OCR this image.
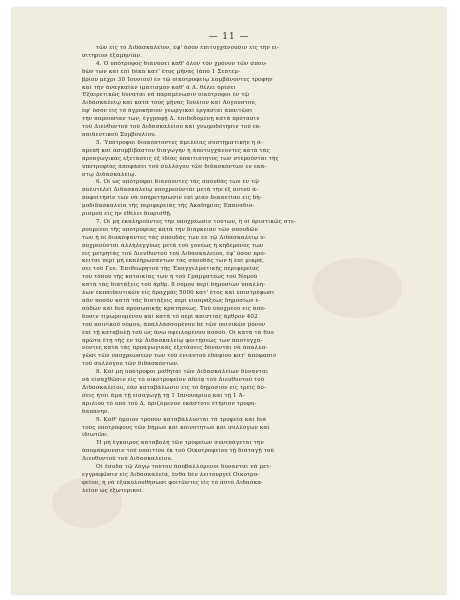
— 11 —
τῶν εἰς τὸ Διδασκαλεῖον, ἐφ' ὅσον ἐπιτυγχάνουσιν εἰς τὴν εἰ-
σιτήριον ἐξαμηνίαν.
4. Ὁ ὑπότροφος διανύσει καθ' ὅλον τὸν χρόνον τῶν σπου-
δῶν των καὶ ἐπὶ δέκα κατ' ἔτος μῆνας (ἀπὸ 1 Σεπτεμ-
βρίου μέχρι 30 Ἰουνίου) ἐν τῷ οἰκοτροφείῳ λαμβάνοντες τροφὴν
καὶ τὴν ἀναγκαίαν ἱματισμὸν καθ' ἃ Δ. θέλει ὁρίσει
Ἐξαιρετικῶς δύναται νὰ παραμένωσιν οἰκότροφοι ἐν τῷ
Διδασκαλείῳ καὶ κατὰ τοὺς μῆνας Ἰούλιον καὶ Αὔγουστον,
ἐφ' ὅσον εἰς τὸ ἀγροκήπιον γεωργικαὶ ἐργασίαι ἀπαιτῶσι
τὴν παρουσίαν των, ἔγγραφῇ Δ. ἐπιδεδομένῃ κατὰ πρότασιν
τοῦ Διευθυντοῦ τοῦ Διδασκαλείου καὶ γνωμοδότησιν τοῦ ἐκ-
παιδευτικοῦ Συμβουλίου.
5. Ὑπότροφοι διακόπτοντες ἀμελείας συστηματικὴν ἢ ἀ-
πρεπῆ καὶ ἀσυμβίβαστον διαγωγὴν ἢ ἀποτυγχάνοντες κατὰ τὰς
προαγωγικὰς ἐξετάσεις ἐξ ἰδίας ὑπαιτιότητος των στεροῦνται τῆς
ὑποτροφίας ἀποφάσει τοῦ συλλόγου τῶν διδασκόντων ἐν ἑκά-
στῳ Διδασκαλείῳ.
6. Οἱ ὡς ὑπότροφοι διανύοντες τὰς σπουδὰς των ἐν τῷ
πολυτελεῖ Διδασκαλείῳ ὑποχρεοῦνται μετὰ τὴν ἐξ αὐτοῦ ἀ-
ποφοίτησίν των νὰ ὑπηρετήσωσιν ἐπὶ μίαν δεκαετίαν εἰς δη-
μοδιδασκαλεῖα τῆς περιφερείας τῆς Ἀκαδημίας Ἐπαναδιο-
ρισμοῦ εἰς ἣν ἐθέλει διορισθῇ.
7. Οἱ μὴ ἐκπληροῦντες τὴν ὑποχρέωσιν τούτων, ἢ οἱ ὁριστικῶς στε-
ρούμενοι τῆς ὑποτροφίας κατὰ τὴν διάρκειαν τῶν σπουδῶν
των ἢ οἱ διακόψαντες τὰς σπουδὰς των ἐν τῷ Διδασκαλείῳ ὑ-
ποχρεοῦνται ἀλληλεγγύως μετὰ τοῦ γονέως ἢ κηδεμόνος των
εἰς μετρητὰς τοῦ Διευθυντοῦ τοῦ Διδασκαλείου, ἐφ' ὅσον πρό-
κειται περὶ μὴ ἐκπληρωσάντων τὰς σπουδάς των ἢ ἐπὶ μικρά,
σει τοῦ Γεν. Ἐπιθεωρητοῦ τῆς Ἐπαγγελματικῆς περιφερείας
τοῦ τόπου τῆς κατοικίας των ἢ τοῦ Γραμματέως τοῦ Νομοῦ
κατὰ τὰς διατάξεις τοῦ ἄρθρ. 8 νόμου περὶ δημοσίων ὑπαλλή-
λων ἐκπαιδευτικῶν εἰς δραχμὰς 5000 κατ' ἔτος καὶ ἐπιστρέφωσι
πᾶν ποσὸν κατὰ τὰς διατάξεις περὶ εἰσπράξεως δημοσίων ἐ-
σόδων καὶ διὰ προσωπικῆς κρατήσεως. Τοῦ ὑποχρέου εἰς ἀπό-
δοσιν τιμωρουμένου καὶ κατὰ τὸ περὶ ἀπιστίας ἄρθρον 402
τοῦ ποινικοῦ νόμου, ἀπαλλασσομένου δὲ τῶν ποινικῶν μόνον
ἐπὶ τῇ καταβολῇ τοῦ ὡς ἄνω ὀφειλομένου ποσοῦ. Οἱ κατὰ τὰ δύο
πρῶτα ἔτη τῆς ἐν τῷ Διδασκαλείῳ φοιτήσεώς των ἀποτυγχά-
νοντες κατὰ τὰς προαγωγικὰς ἐξετάσεις δύνανται νὰ ἀπαλλα-
γῶσι τῶν ὑποχρεώσεών των τοῦ ἐνιαυτοῦ ἐδαφίου κατ' ἀπόφασιν
τοῦ συλλόγου τῶν διδασκόντων.
8. Καὶ μὴ ὑπότροφοι μαθηταὶ τῶν Διδασκαλείων δύνανται
νὰ εἰσαχθῶσιν εἰς τὸ οἰκοτροφεῖον ἀδείᾳ τοῦ Διευθυντοῦ τοῦ
Διδασκαλείου, ἐὰν καταβάλωσιν εἰς τὸ δημόσιον εἰς τρεῖς δό-
σεις ἤτοι ἅμα τῇ εἰσαγωγῇ τῇ 1 Ἰανουαρίου καὶ τῇ 1 Ἀ-
πριλίου τὸ ὑπὸ τοῦ Δ. ὁριζόμενον ἐκάστοτε ἐτήσιον τροφο-
δαπάνην.
9. Καθ' ὅμοιον τρόπον καταβάλλονται τὰ τροφεῖα καὶ διὰ
τοὺς ὑποτρόφους τῶν δήμων καὶ κοινοτήτων καὶ συλλόγων καὶ
ἰδιωτῶν.
Ἡ μὴ ἔγκαιρος καταβολὴ τῶν τροφείων συνεπάγεται τὴν
ἀπομάκρυνσιν τοῦ ὑπαιτίου ἐκ τοῦ Οἰκοτροφείου τῇ διαταγῇ τοῦ
Διευθυντοῦ τοῦ Διδασκαλείου.
Οἱ ἔσοδα τῷ λόγῳ τούτου ἀποβαλλόμενοι δύνανται νὰ μετ-
εγγραφῶσιν εἰς Διδασκαλεῖα, ἔνθα δὲν λειτουργεῖ Οἰκοτρο-
φεῖον, ἢ νὰ ἐξακολουθήσωσι φοιτῶντες εἰς τὸ αὐτὸ Διδασκα-
λεῖον ὡς ἐξωτερικοί.
